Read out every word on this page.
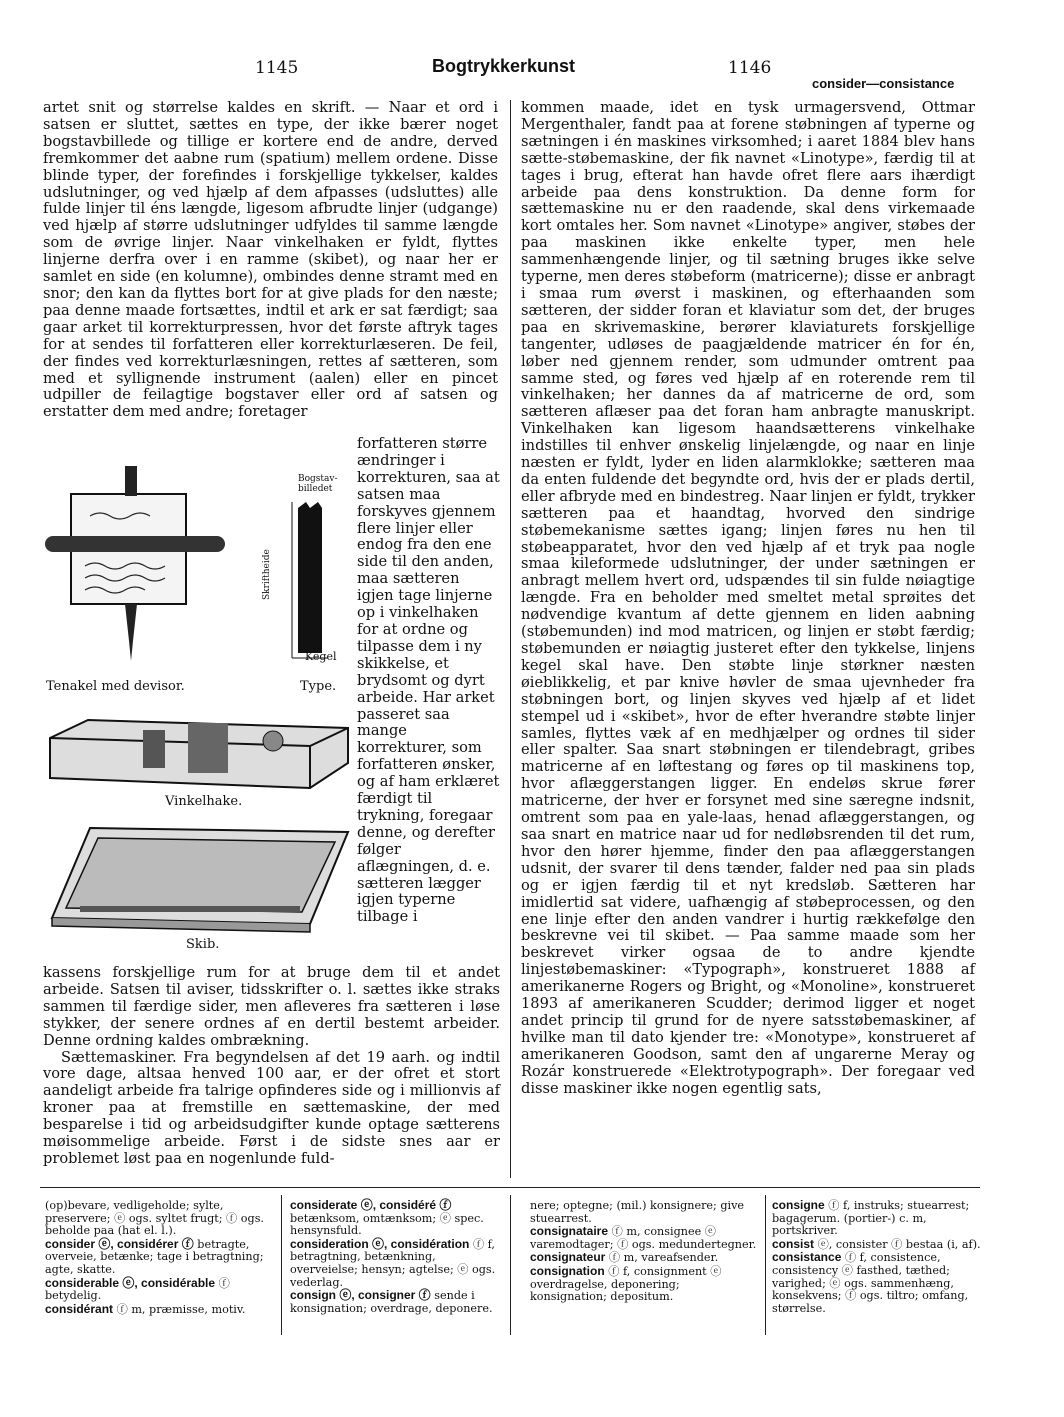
1145	Bogtrykkerkunst	1146
consider—consistance

artet snit og størrelse kaldes en skrift. — Naar et ord i satsen er sluttet, sættes en type, der ikke bærer noget bogstavbillede og tillige er kortere end de andre, derved fremkommer det aabne rum (spatium) mellem ordene. Disse blinde typer, der forefindes i forskjellige tykkelser, kaldes udslutninger, og ved hjælp af dem afpasses (udsluttes) alle fulde linjer til éns længde, ligesom afbrudte linjer (udgange) ved hjælp af større udslutninger udfyldes til samme længde som de øvrige linjer. Naar vinkelhaken er fyldt, flyttes linjerne derfra over i en ramme (skibet), og naar her er samlet en side (en kolumne), ombindes denne stramt med en snor; den kan da flyttes bort for at give plads for den næste; paa denne maade fortsættes, indtil et ark er sat færdigt; saa gaar arket til korrekturpressen, hvor det første aftryk tages for at sendes til forfatteren eller korrekturlæseren. De feil, der findes ved korrekturlæsningen, rettes af sætteren, som med et syllignende instrument (aalen) eller en pincet udpiller de feilagtige bogstaver eller ord af satsen og erstatter dem med andre; foretager

Tenakel med devisor.
Bogstav-billedet
Skriftheide
Kegel
Type.
Vinkelhake.
Skib.

forfatteren større ændringer i korrekturen, saa at satsen maa forskyves gjennem flere linjer eller endog fra den ene side til den anden, maa sætteren igjen tage linjerne op i vinkelhaken for at ordne og tilpasse dem i ny skikkelse, et brydsomt og dyrt arbeide. Har arket passeret saa mange korrekturer, som forfatteren ønsker, og af ham erklæret færdigt til trykning, foregaar denne, og derefter følger aflægningen, d. e. sætteren lægger igjen typerne tilbage i

kassens forskjellige rum for at bruge dem til et andet arbeide. Satsen til aviser, tidsskrifter o. l. sættes ikke straks sammen til færdige sider, men afleveres fra sætteren i løse stykker, der senere ordnes af en dertil bestemt arbeider. Denne ordning kaldes ombrækning.

Sættemaskiner. Fra begyndelsen af det 19 aarh. og indtil vore dage, altsaa henved 100 aar, er der ofret et stort aandeligt arbeide fra talrige opfinderes side og i millionvis af kroner paa at fremstille en sættemaskine, der med besparelse i tid og arbeidsudgifter kunde optage sætterens møisommelige arbeide. Først i de sidste snes aar er problemet løst paa en nogenlunde fuld-

kommen maade, idet en tysk urmagersvend, Ottmar Mergenthaler, fandt paa at forene støbningen af typerne og sætningen i én maskines virksomhed; i aaret 1884 blev hans sætte-støbemaskine, der fik navnet «Linotype», færdig til at tages i brug, efterat han havde ofret flere aars ihærdigt arbeide paa dens konstruktion. Da denne form for sættemaskine nu er den raadende, skal dens virkemaade kort omtales her. Som navnet «Linotype» angiver, støbes der paa maskinen ikke enkelte typer, men hele sammenhængende linjer, og til sætning bruges ikke selve typerne, men deres støbeform (matricerne); disse er anbragt i smaa rum øverst i maskinen, og efterhaanden som sætteren, der sidder foran et klaviatur som det, der bruges paa en skrivemaskine, berører klaviaturets forskjellige tangenter, udløses de paagjældende matricer én for én, løber ned gjennem render, som udmunder omtrent paa samme sted, og føres ved hjælp af en roterende rem til vinkelhaken; her dannes da af matricerne de ord, som sætteren aflæser paa det foran ham anbragte manuskript. Vinkelhaken kan ligesom haandsætterens vinkelhake indstilles til enhver ønskelig linjelængde, og naar en linje næsten er fyldt, lyder en liden alarmklokke; sætteren maa da enten fuldende det begyndte ord, hvis der er plads dertil, eller afbryde med en bindestreg. Naar linjen er fyldt, trykker sætteren paa et haandtag, hvorved den sindrige støbemekanisme sættes igang; linjen føres nu hen til støbeapparatet, hvor den ved hjælp af et tryk paa nogle smaa kileformede udslutninger, der under sætningen er anbragt mellem hvert ord, udspændes til sin fulde nøiagtige længde. Fra en beholder med smeltet metal sprøites det nødvendige kvantum af dette gjennem en liden aabning (støbemunden) ind mod matricen, og linjen er støbt færdig; støbemunden er nøiagtig justeret efter den tykkelse, linjens kegel skal have. Den støbte linje størkner næsten øieblikkelig, et par knive høvler de smaa ujevnheder fra støbningen bort, og linjen skyves ved hjælp af et lidet stempel ud i «skibet», hvor de efter hverandre støbte linjer samles, flyttes væk af en medhjælper og ordnes til sider eller spalter. Saa snart støbningen er tilendebragt, gribes matricerne af en løftestang og føres op til maskinens top, hvor aflæggerstangen ligger. En endeløs skrue fører matricerne, der hver er forsynet med sine særegne indsnit, omtrent som paa en yale-laas, henad aflæggerstangen, og saa snart en matrice naar ud for nedløbsrenden til det rum, hvor den hører hjemme, finder den paa aflæggerstangen udsnit, der svarer til dens tænder, falder ned paa sin plads og er igjen færdig til et nyt kredsløb. Sætteren har imidlertid sat videre, uafhængig af støbeprocessen, og den ene linje efter den anden vandrer i hurtig rækkefølge den beskrevne vei til skibet. — Paa samme maade som her beskrevet virker ogsaa de to andre kjendte linjestøbemaskiner: «Typograph», konstrueret 1888 af amerikanerne Rogers og Bright, og «Monoline», konstrueret 1893 af amerikaneren Scudder; derimod ligger et noget andet princip til grund for de nyere satsstøbemaskiner, af hvilke man til dato kjender tre: «Monotype», konstrueret af amerikaneren Goodson, samt den af ungarerne Meray og Rozár konstruerede «Elektrotypograph». Der foregaar ved disse maskiner ikke nogen egentlig sats,

(op)bevare, vedligeholde; sylte, preservere; ⓔ ogs. syltet frugt; ⓕ ogs. beholde paa (hat el. l.).

consider ⓔ, considérer ⓕ betragte, overveie, betænke; tage i betragtning; agte, skatte.

considerable ⓔ, considérable ⓕ betydelig.

considérant ⓕ m, præmisse, motiv.

considerate ⓔ, considéré ⓕ betænksom, omtænksom; ⓔ spec. hensynsfuld.

consideration ⓔ, considération ⓕ f, betragtning, betænkning, overveielse; hensyn; agtelse; ⓔ ogs. vederlag.

consign ⓔ, consigner ⓕ sende i konsignation; overdrage, deponere.

nere; optegne; (mil.) konsignere; give stuearrest.

consignataire ⓕ m, consignee ⓔ varemodtager; ⓕ ogs. medundertegner.

consignateur ⓕ m, vareafsender.

consignation ⓕ f, consignment ⓔ overdragelse, deponering; konsignation; depositum.

consigne ⓕ f, instruks; stuearrest; bagagerum. (portier-) c. m, portskriver.

consist ⓔ, consister ⓕ bestaa (i, af).

consistance ⓕ f, consistence, consistency ⓔ fasthed, tæthed; varighed; ⓔ ogs. sammenhæng, konsekvens; ⓕ ogs. tiltro; omfang, størrelse.
